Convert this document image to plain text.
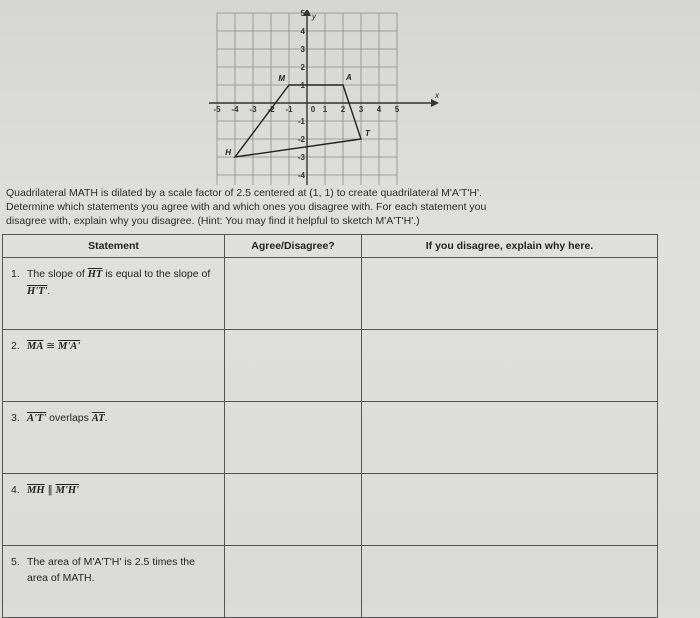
x
y
-5 -4 -3 -2 -1 0 1 2 3 4 5
5
4
3
2
1
-1
-2
-3
-4
M	A
T
H
Quadrilateral MATH is dilated by a scale factor of 2.5 centered at (1, 1) to create quadrilateral M'A'T'H'.
Determine which statements you agree with and which ones you disagree with. For each statement you
disagree with, explain why you disagree. (Hint: You may find it helpful to sketch M'A'T'H'.)
Statement	Agree/Disagree?	If you disagree, explain why here.
1. The slope of $\overline{HT}$ is equal to the slope of H'T'.		
2. $\overline{MA}$ ≅ M'A'		
3. A'T' overlaps $\overline{AT}$.		
4. $\overline{MH}$ ∥ M'H'		
5. The area of M'A'T'H' is 2.5 times the area of MATH.		
